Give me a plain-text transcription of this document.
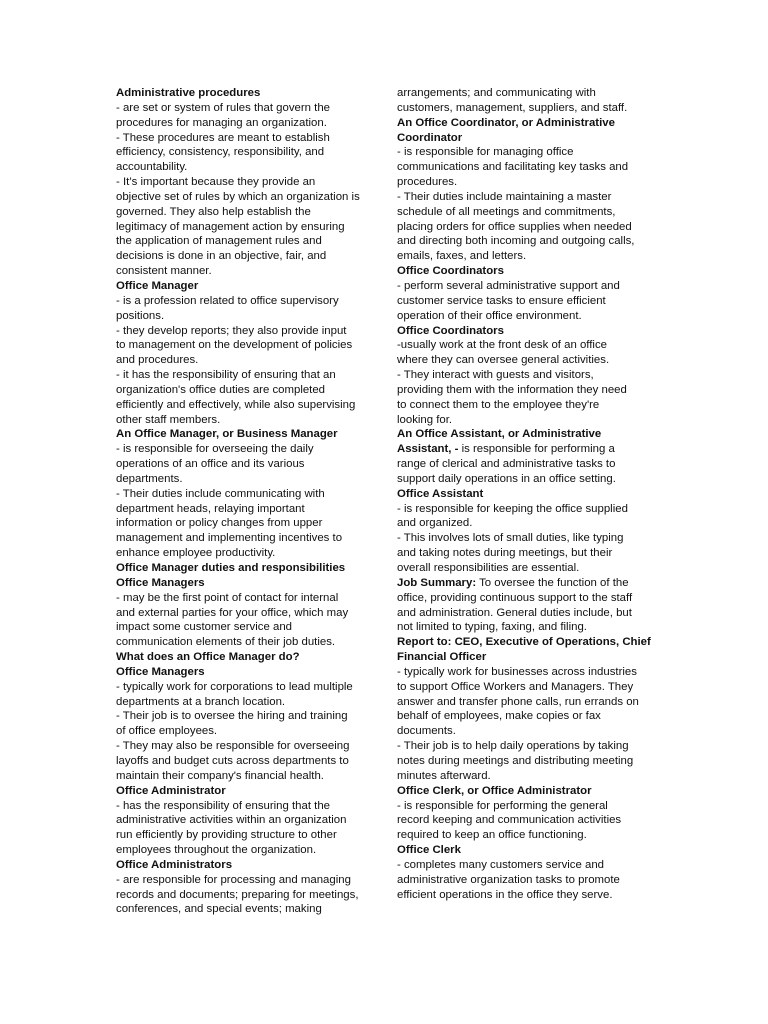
Administrative procedures
- are set or system of rules that govern the
procedures for managing an organization.
- These procedures are meant to establish
efficiency, consistency, responsibility, and
accountability.
- It’s important because they provide an
objective set of rules by which an organization is
governed. They also help establish the
legitimacy of management action by ensuring
the application of management rules and
decisions is done in an objective, fair, and
consistent manner.
Office Manager
- is a profession related to office supervisory
positions.
- they develop reports; they also provide input
to management on the development of policies
and procedures.
- it has the responsibility of ensuring that an
organization's office duties are completed
efficiently and effectively, while also supervising
other staff members.
An Office Manager, or Business Manager
- is responsible for overseeing the daily
operations of an office and its various
departments.
- Their duties include communicating with
department heads, relaying important
information or policy changes from upper
management and implementing incentives to
enhance employee productivity.
Office Manager duties and responsibilities
Office Managers
- may be the first point of contact for internal
and external parties for your office, which may
impact some customer service and
communication elements of their job duties.
What does an Office Manager do?
Office Managers
- typically work for corporations to lead multiple
departments at a branch location.
- Their job is to oversee the hiring and training
of office employees.
- They may also be responsible for overseeing
layoffs and budget cuts across departments to
maintain their company's financial health.
Office Administrator
- has the responsibility of ensuring that the
administrative activities within an organization
run efficiently by providing structure to other
employees throughout the organization.
Office Administrators
- are responsible for processing and managing
records and documents; preparing for meetings,
conferences, and special events; making
arrangements; and communicating with
customers, management, suppliers, and staff.
An Office Coordinator, or Administrative
Coordinator
- is responsible for managing office
communications and facilitating key tasks and
procedures.
- Their duties include maintaining a master
schedule of all meetings and commitments,
placing orders for office supplies when needed
and directing both incoming and outgoing calls,
emails, faxes, and letters.
Office Coordinators
- perform several administrative support and
customer service tasks to ensure efficient
operation of their office environment.
Office Coordinators
-usually work at the front desk of an office
where they can oversee general activities.
- They interact with guests and visitors,
providing them with the information they need
to connect them to the employee they're
looking for.
An Office Assistant, or Administrative
Assistant, - is responsible for performing a
range of clerical and administrative tasks to
support daily operations in an office setting.
Office Assistant
- is responsible for keeping the office supplied
and organized.
- This involves lots of small duties, like typing
and taking notes during meetings, but their
overall responsibilities are essential.
Job Summary: To oversee the function of the
office, providing continuous support to the staff
and administration. General duties include, but
not limited to typing, faxing, and filing.
Report to: CEO, Executive of Operations, Chief
Financial Officer
- typically work for businesses across industries
to support Office Workers and Managers. They
answer and transfer phone calls, run errands on
behalf of employees, make copies or fax
documents.
- Their job is to help daily operations by taking
notes during meetings and distributing meeting
minutes afterward.
Office Clerk, or Office Administrator
- is responsible for performing the general
record keeping and communication activities
required to keep an office functioning.
Office Clerk
- completes many customers service and
administrative organization tasks to promote
efficient operations in the office they serve.
